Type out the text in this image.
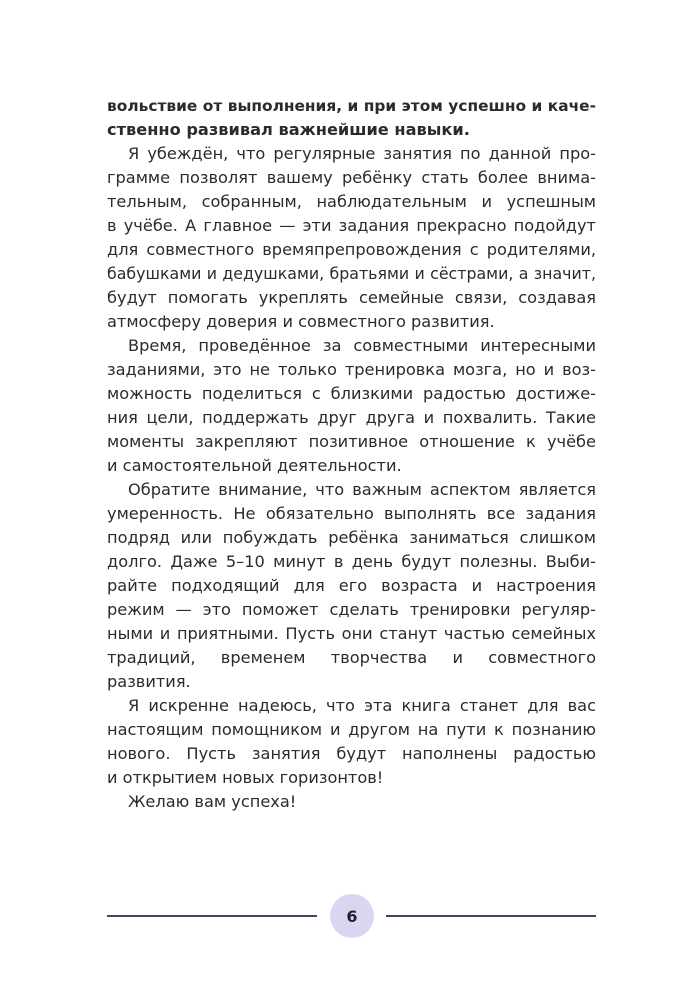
вольствие от выполнения, и при этом успешно и каче-
ственно развивал важнейшие навыки.
Я убеждён, что регулярные занятия по данной про-
грамме позволят вашему ребёнку стать более внима-
тельным, собранным, наблюдательным и успешным
в учёбе. А главное — эти задания прекрасно подойдут
для совместного времяпрепровождения с родителями,
бабушками и дедушками, братьями и сёстрами, а значит,
будут помогать укреплять семейные связи, создавая
атмосферу доверия и совместного развития.
Время, проведённое за совместными интересными
заданиями, это не только тренировка мозга, но и воз-
можность поделиться с близкими радостью достиже-
ния цели, поддержать друг друга и похвалить. Такие
моменты закрепляют позитивное отношение к учёбе
и самостоятельной деятельности.
Обратите внимание, что важным аспектом является
умеренность. Не обязательно выполнять все задания
подряд или побуждать ребёнка заниматься слишком
долго. Даже 5–10 минут в день будут полезны. Выби-
райте подходящий для его возраста и настроения
режим — это поможет сделать тренировки регуляр-
ными и приятными. Пусть они станут частью семейных
традиций, временем творчества и совместного
развития.
Я искренне надеюсь, что эта книга станет для вас
настоящим помощником и другом на пути к познанию
нового. Пусть занятия будут наполнены радостью
и открытием новых горизонтов!
Желаю вам успеха!
6
